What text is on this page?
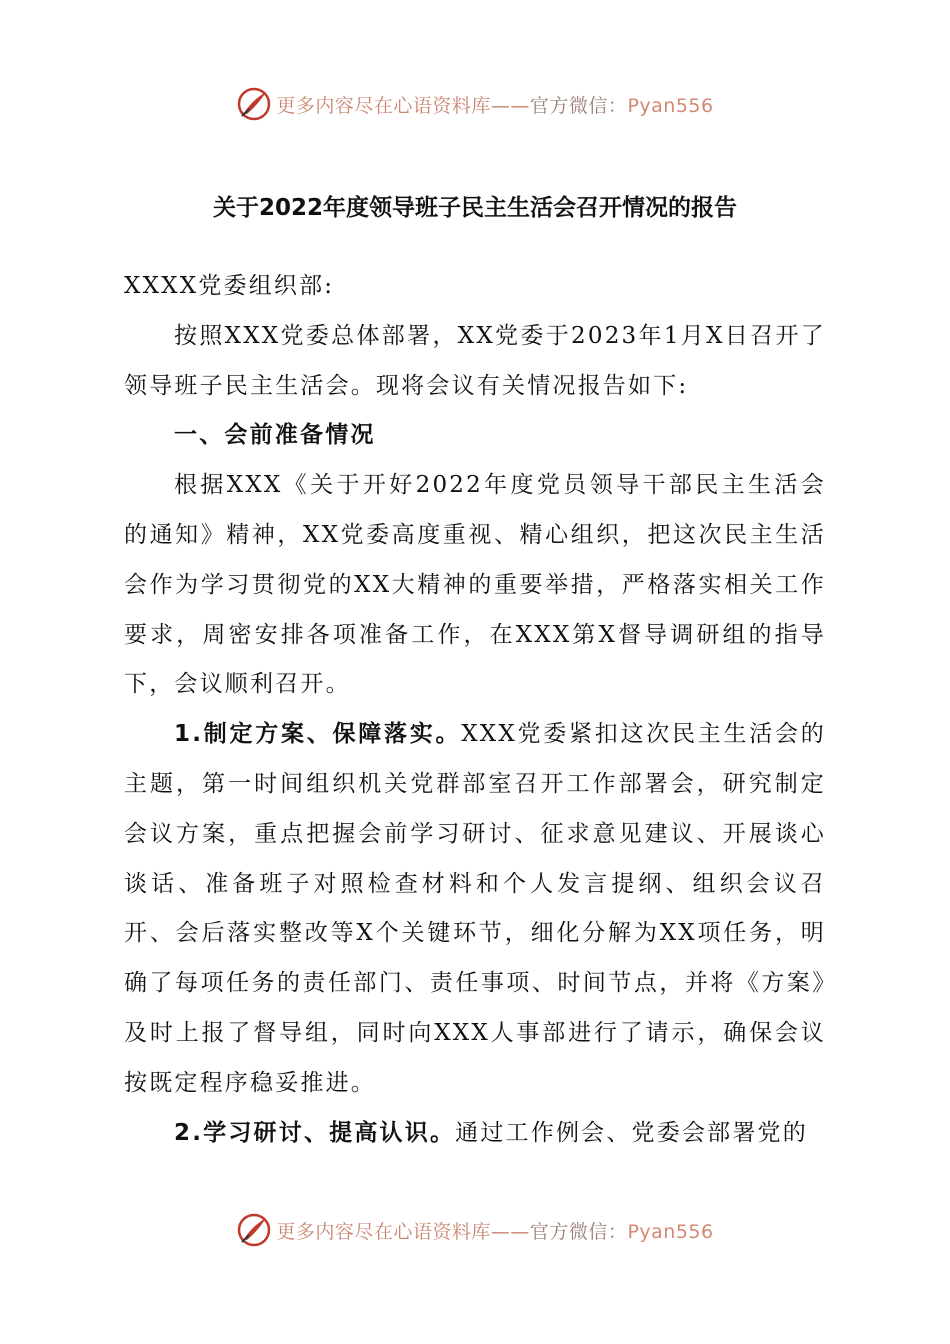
更多内容尽在心语资料库——官方微信：Pyan556
关于2022年度领导班子民主生活会召开情况的报告

XXXX党委组织部:

按照XXX党委总体部署，XX党委于2023年1月X日召开了领导班子民主生活会。现将会议有关情况报告如下:

一、会前准备情况

根据XXX《关于开好2022年度党员领导干部民主生活会的通知》精神，XX党委高度重视、精心组织，把这次民主生活会作为学习贯彻党的XX大精神的重要举措，严格落实相关工作要求，周密安排各项准备工作，在XXX第X督导调研组的指导下，会议顺利召开。

1.制定方案、保障落实。XXX党委紧扣这次民主生活会的主题，第一时间组织机关党群部室召开工作部署会，研究制定会议方案，重点把握会前学习研讨、征求意见建议、开展谈心谈话、准备班子对照检查材料和个人发言提纲、组织会议召开、会后落实整改等X个关键环节，细化分解为XX项任务，明确了每项任务的责任部门、责任事项、时间节点，并将《方案》及时上报了督导组，同时向XXX人事部进行了请示，确保会议按既定程序稳妥推进。

2.学习研讨、提高认识。通过工作例会、党委会部署党的

更多内容尽在心语资料库——官方微信：Pyan556
